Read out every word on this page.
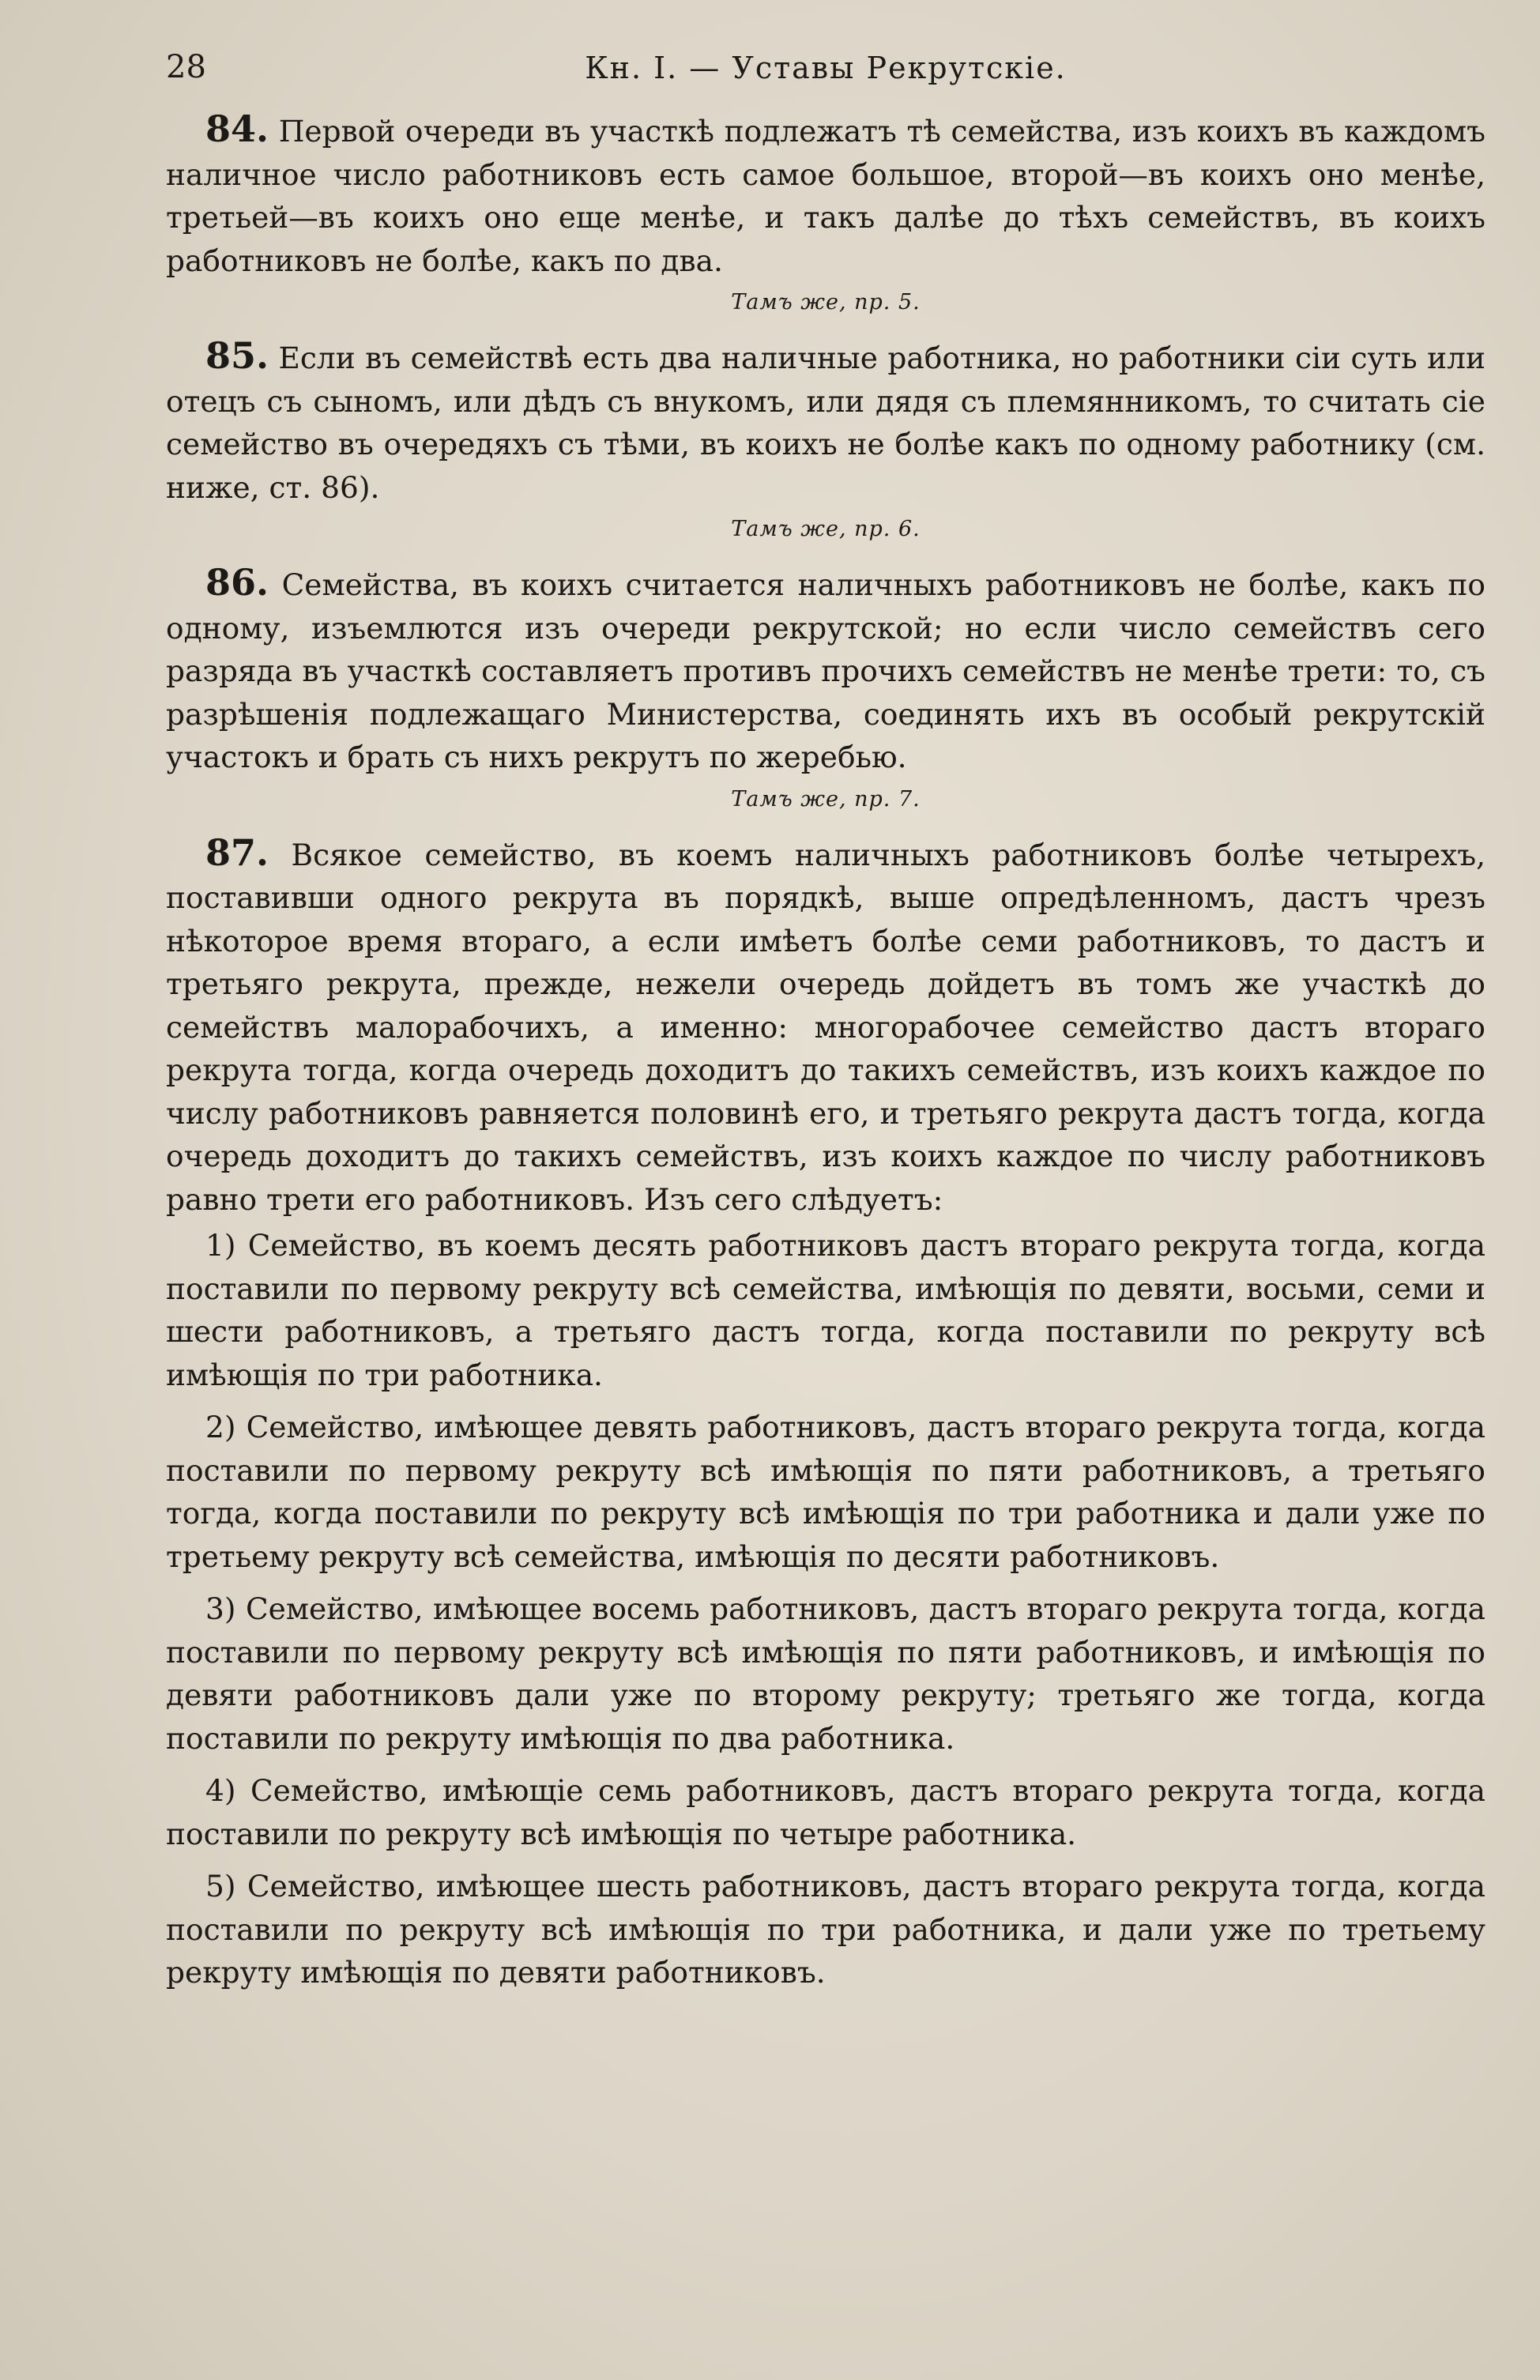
28	Кн. I. — Уставы Рекрутскіе.

84. Первой очереди въ участкѣ подлежатъ тѣ семейства, изъ коихъ въ каждомъ наличное число работниковъ есть самое большое, второй—въ коихъ оно менѣе, третьей—въ коихъ оно еще менѣе, и такъ далѣе до тѣхъ семействъ, въ коихъ работниковъ не болѣе, какъ по два.

Тамъ же, пр. 5.

85. Если въ семействѣ есть два наличные работника, но работники сіи суть или отецъ съ сыномъ, или дѣдъ съ внукомъ, или дядя съ племянникомъ, то считать сіе семейство въ очередяхъ съ тѣми, въ коихъ не болѣе какъ по одному работнику (см. ниже, ст. 86).

Тамъ же, пр. 6.

86. Семейства, въ коихъ считается наличныхъ работниковъ не болѣе, какъ по одному, изъемлются изъ очереди рекрутской; но если число семействъ сего разряда въ участкѣ составляетъ противъ прочихъ семействъ не менѣе трети: то, съ разрѣшенія подлежащаго Министерства, соединять ихъ въ особый рекрутскій участокъ и брать съ нихъ рекрутъ по жеребью.

Тамъ же, пр. 7.

87. Всякое семейство, въ коемъ наличныхъ работниковъ болѣе четырехъ, поставивши одного рекрута въ порядкѣ, выше опредѣленномъ, дастъ чрезъ нѣкоторое время втораго, а если имѣетъ болѣе семи работниковъ, то дастъ и третьяго рекрута, прежде, нежели очередь дойдетъ въ томъ же участкѣ до семействъ малорабочихъ, а именно: многорабочее семейство дастъ втораго рекрута тогда, когда очередь доходитъ до такихъ семействъ, изъ коихъ каждое по числу работниковъ равняется половинѣ его, и третьяго рекрута дастъ тогда, когда очередь доходитъ до такихъ семействъ, изъ коихъ каждое по числу работниковъ равно трети его работниковъ. Изъ сего слѣдуетъ:

1) Семейство, въ коемъ десять работниковъ дастъ втораго рекрута тогда, когда поставили по первому рекруту всѣ семейства, имѣющія по девяти, восьми, семи и шести работниковъ, а третьяго дастъ тогда, когда поставили по рекруту всѣ имѣющія по три работника.

2) Семейство, имѣющее девять работниковъ, дастъ втораго рекрута тогда, когда поставили по первому рекруту всѣ имѣющія по пяти работниковъ, а третьяго тогда, когда поставили по рекруту всѣ имѣющія по три работника и дали уже по третьему рекруту всѣ семейства, имѣющія по десяти работниковъ.

3) Семейство, имѣющее восемь работниковъ, дастъ втораго рекрута тогда, когда поставили по первому рекруту всѣ имѣющія по пяти работниковъ, и имѣющія по девяти работниковъ дали уже по второму рекруту; третьяго же тогда, когда поставили по рекруту имѣющія по два работника.

4) Семейство, имѣющіе семь работниковъ, дастъ втораго рекрута тогда, когда поставили по рекруту всѣ имѣющія по четыре работника.

5) Семейство, имѣющее шесть работниковъ, дастъ втораго рекрута тогда, когда поставили по рекруту всѣ имѣющія по три работника, и дали уже по третьему рекруту имѣющія по девяти работниковъ.
